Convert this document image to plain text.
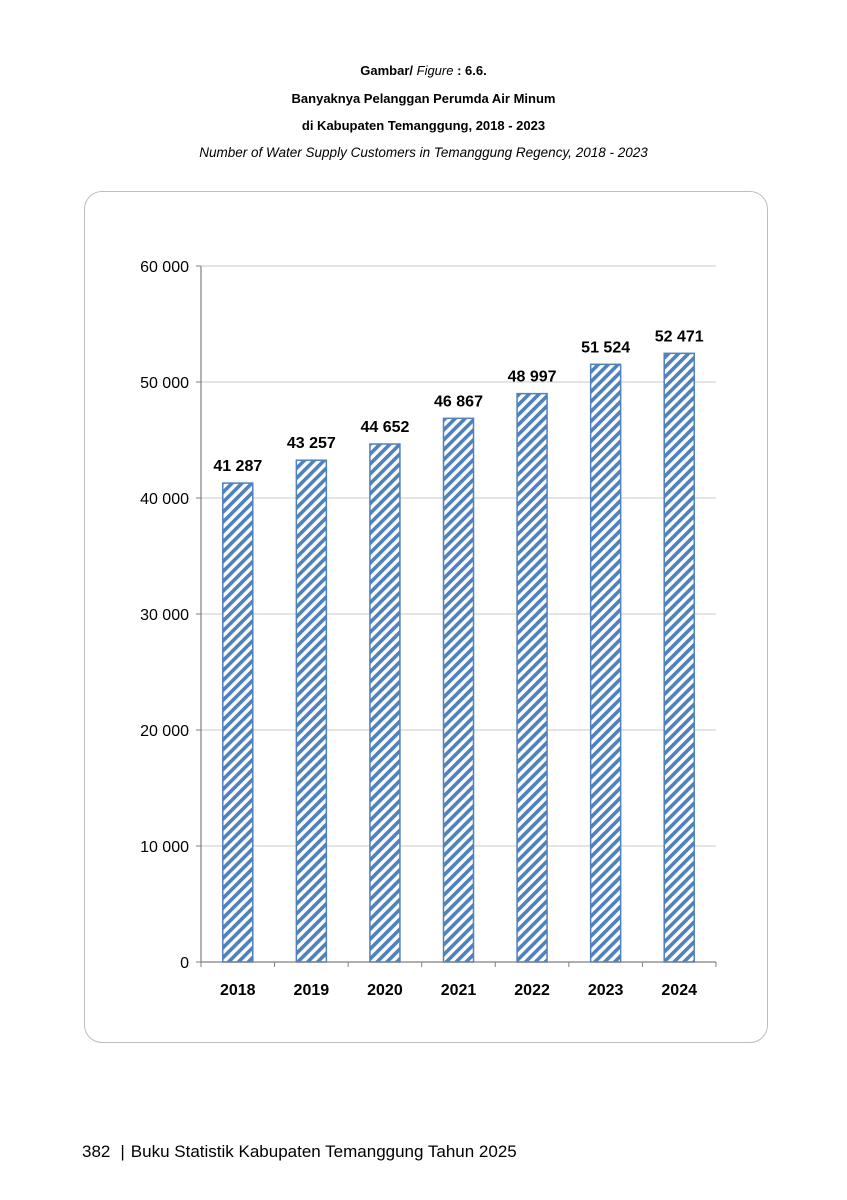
Gambar/ Figure : 6.6.
Banyaknya Pelanggan Perumda Air Minum
di Kabupaten Temanggung, 2018 - 2023
Number of Water Supply Customers in Temanggung Regency, 2018 - 2023
0
10 000
20 000
30 000
40 000
50 000
60 000
41 287
2018
43 257
2019
44 652
2020
46 867
2021
48 997
2022
51 524
2023
52 471
2024
382 | Buku Statistik Kabupaten Temanggung Tahun 2025
